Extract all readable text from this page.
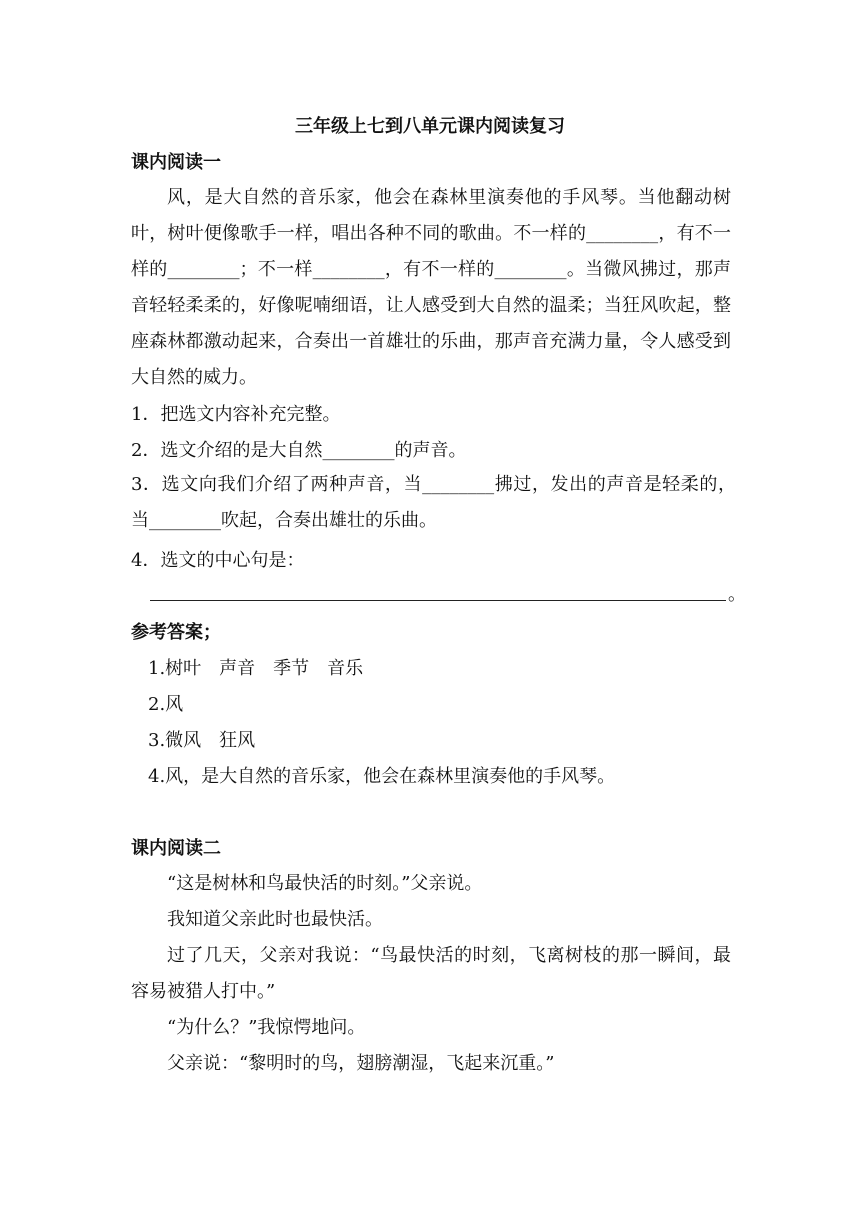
三年级上七到八单元课内阅读复习
课内阅读一

风，是大自然的音乐家，他会在森林里演奏他的手风琴。当他翻动树叶，树叶便像歌手一样，唱出各种不同的歌曲。不一样的________，有不一样的________；不一样________，有不一样的________。当微风拂过，那声音轻轻柔柔的，好像呢喃细语，让人感受到大自然的温柔；当狂风吹起，整座森林都激动起来，合奏出一首雄壮的乐曲，那声音充满力量，令人感受到大自然的威力。

1．把选文内容补充完整。
2．选文介绍的是大自然________的声音。

3．选文向我们介绍了两种声音，当________拂过，发出的声音是轻柔的，当________吹起，合奏出雄壮的乐曲。

4．选文的中心句是：
。
参考答案；
1.树叶　声音　季节　音乐
2.风
3.微风　狂风
4.风，是大自然的音乐家，他会在森林里演奏他的手风琴。
课内阅读二

“这是树林和鸟最快活的时刻。”父亲说。

我知道父亲此时也最快活。

过了几天，父亲对我说：“鸟最快活的时刻，飞离树枝的那一瞬间，最容易被猎人打中。”

“为什么？”我惊愕地问。

父亲说：“黎明时的鸟，翅膀潮湿，飞起来沉重。”
